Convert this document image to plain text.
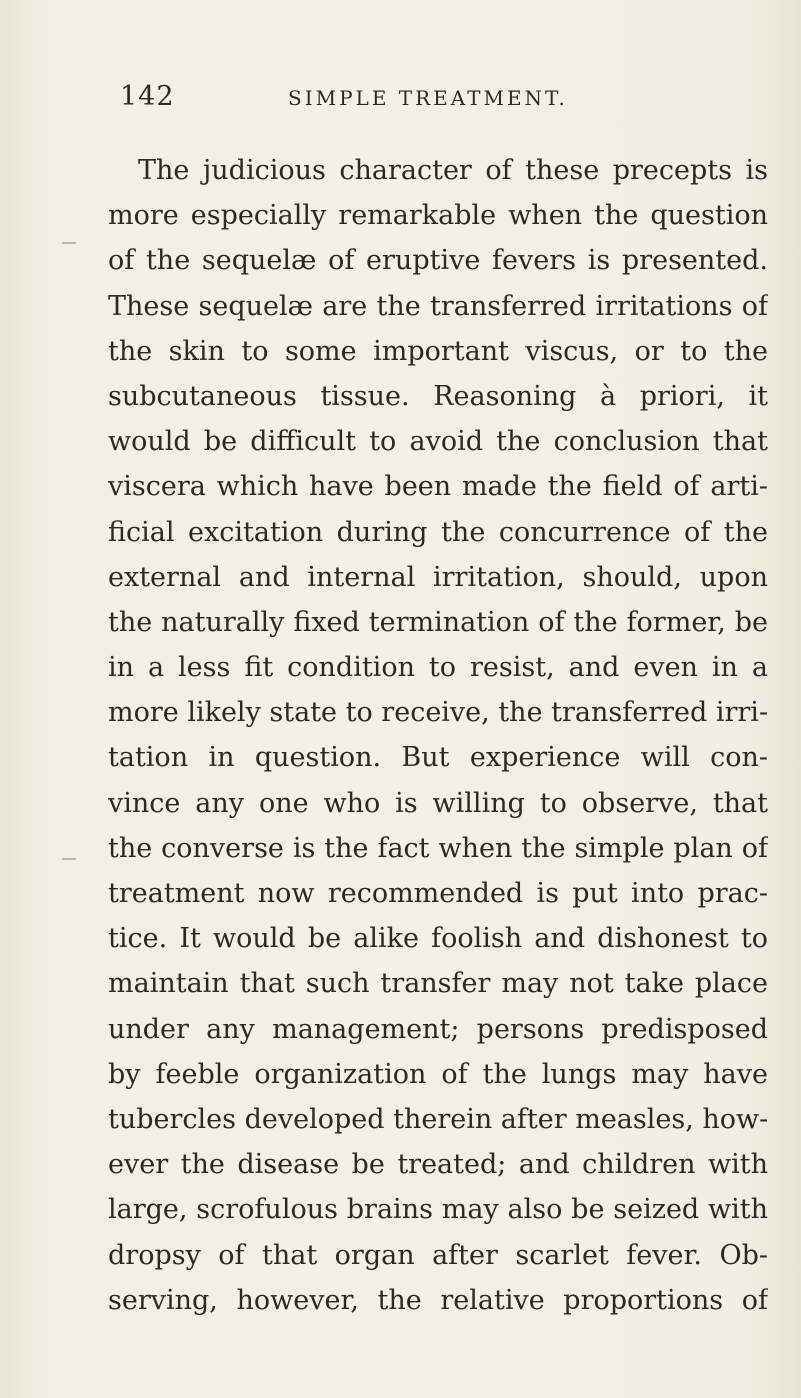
142	SIMPLE TREATMENT.
The judicious character of these precepts is
more especially remarkable when the question
of the sequelæ of eruptive fevers is presented.
These sequelæ are the transferred irritations of
the skin to some important viscus, or to the
subcutaneous tissue. Reasoning à priori, it
would be difficult to avoid the conclusion that
viscera which have been made the field of arti-
ficial excitation during the concurrence of the
external and internal irritation, should, upon
the naturally fixed termination of the former, be
in a less fit condition to resist, and even in a
more likely state to receive, the transferred irri-
tation in question. But experience will con-
vince any one who is willing to observe, that
the converse is the fact when the simple plan of
treatment now recommended is put into prac-
tice. It would be alike foolish and dishonest to
maintain that such transfer may not take place
under any management; persons predisposed
by feeble organization of the lungs may have
tubercles developed therein after measles, how-
ever the disease be treated; and children with
large, scrofulous brains may also be seized with
dropsy of that organ after scarlet fever. Ob-
serving, however, the relative proportions of
